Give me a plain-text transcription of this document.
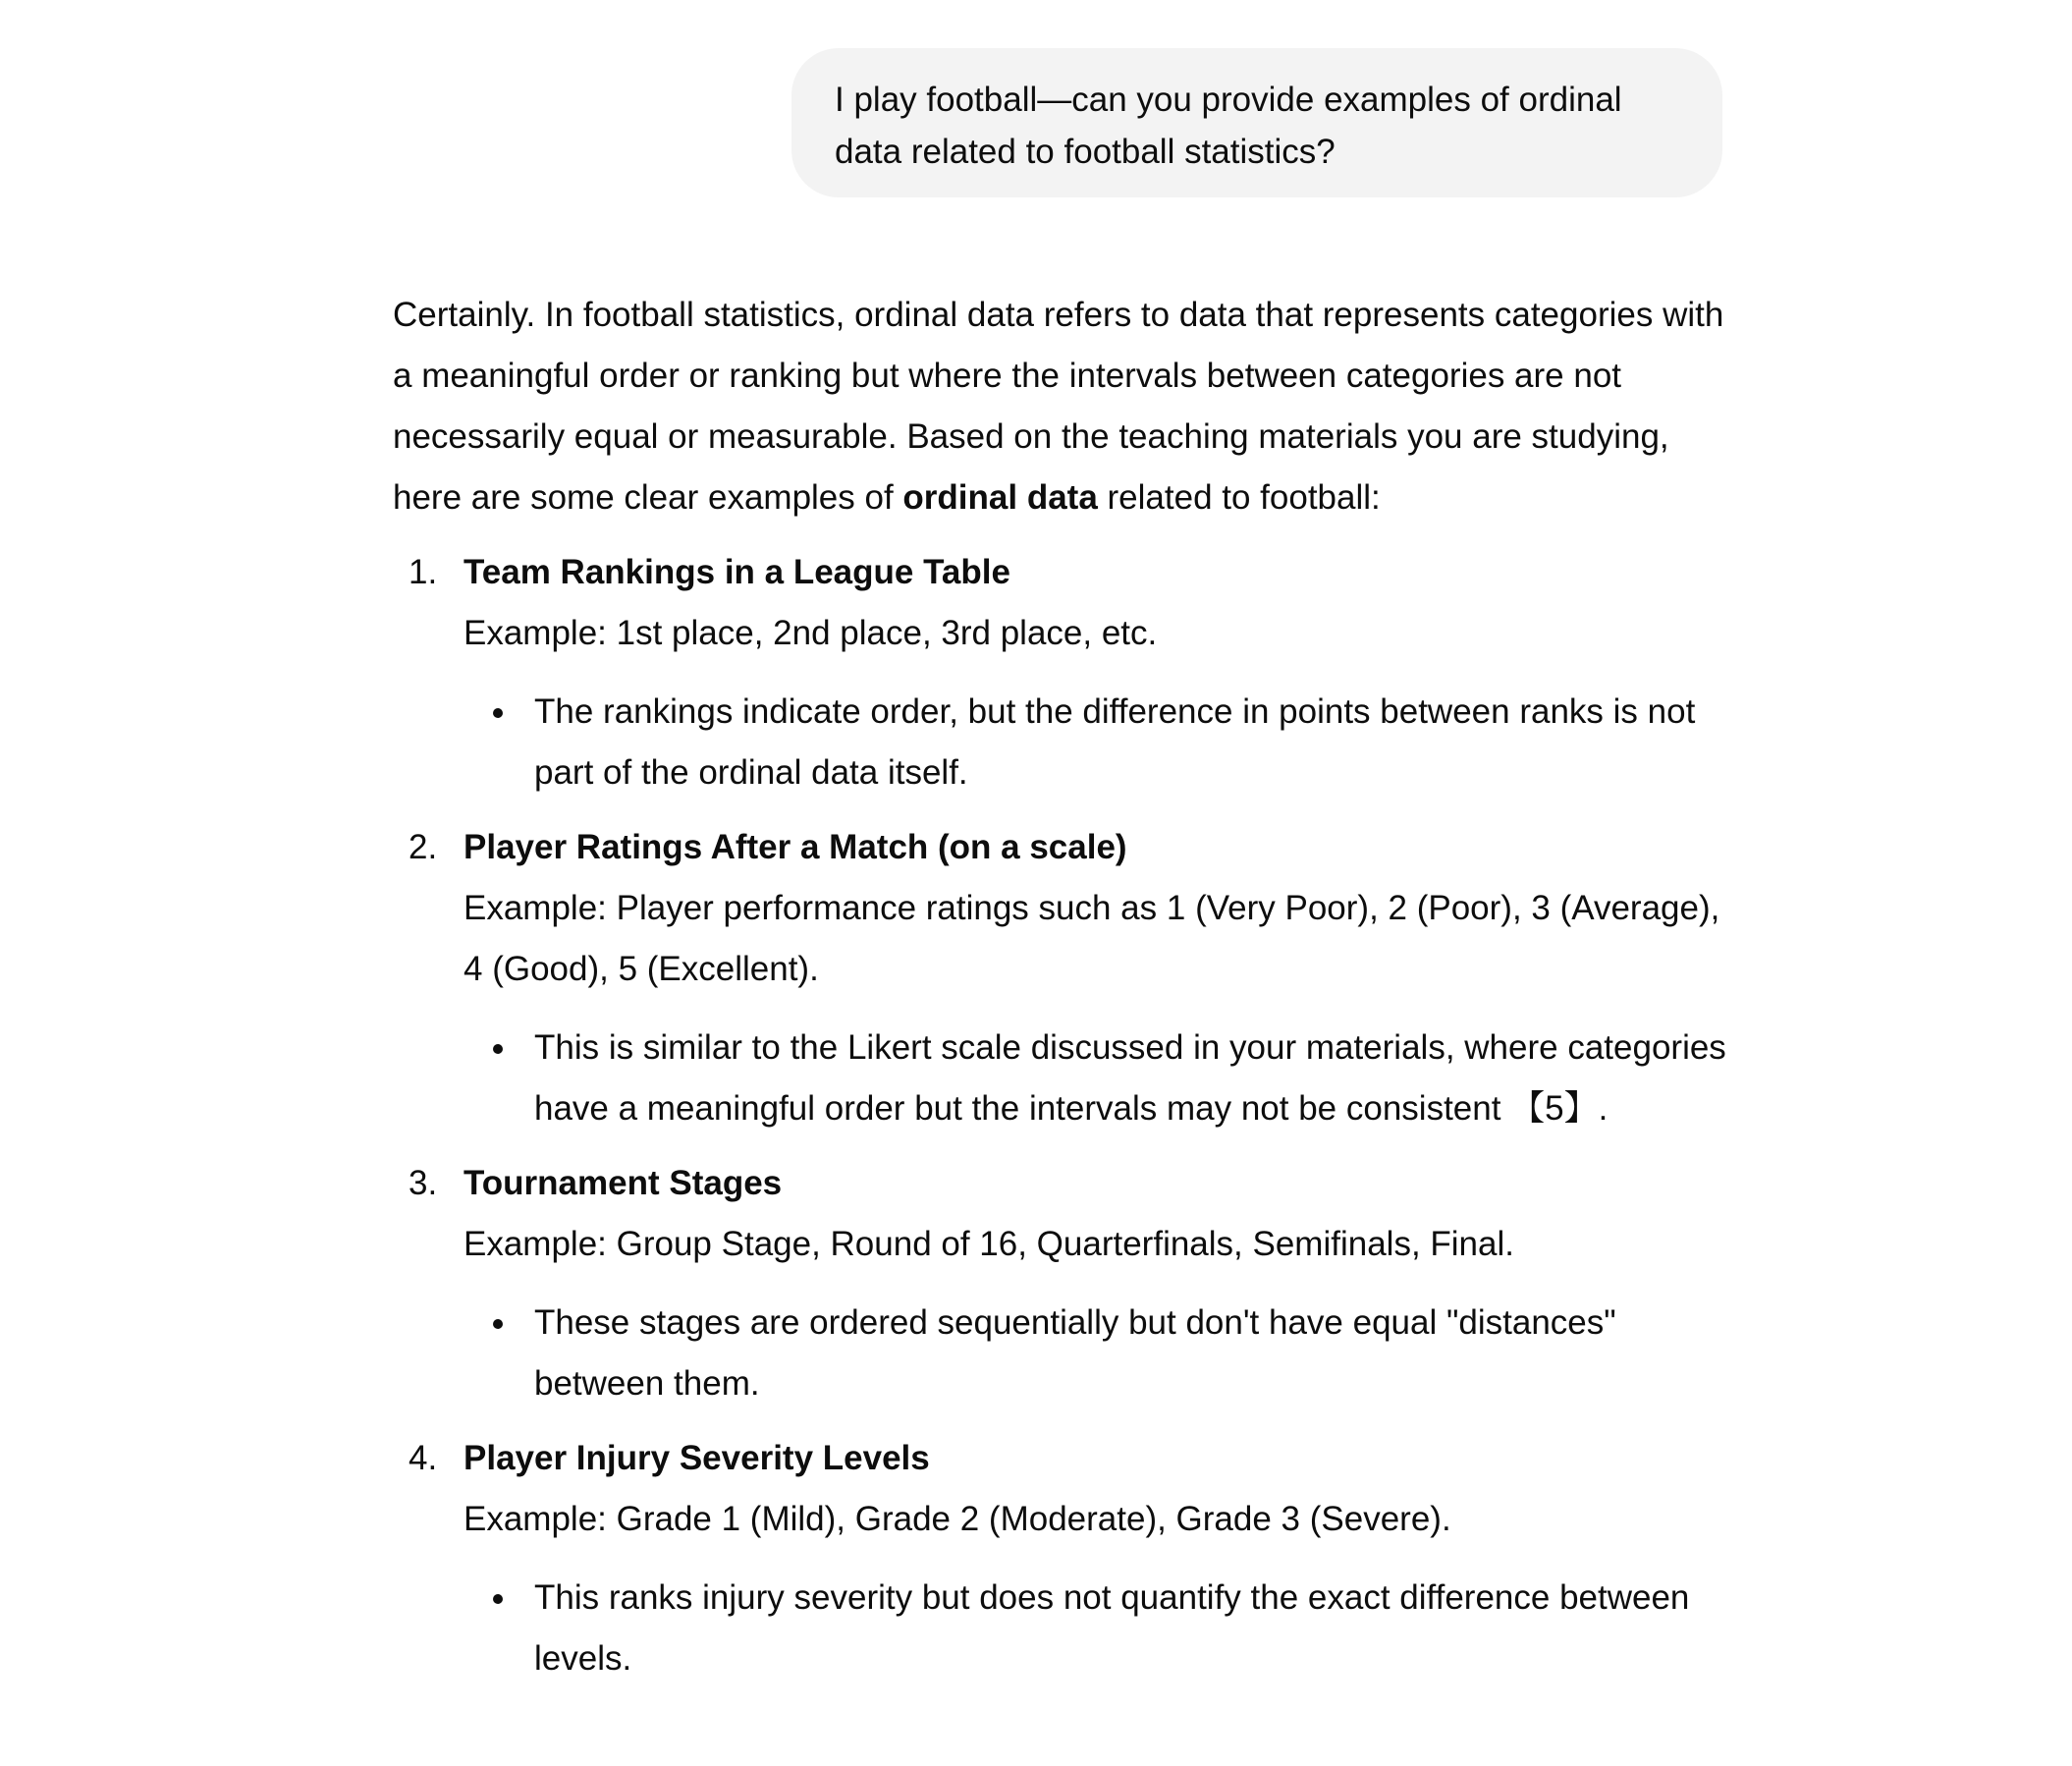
I play football—can you provide examples of ordinal data related to football statistics?

Certainly. In football statistics, ordinal data refers to data that represents categories with a meaningful order or ranking but where the intervals between categories are not necessarily equal or measurable. Based on the teaching materials you are studying, here are some clear examples of ordinal data related to football:

1. Team Rankings in a League Table
Example: 1st place, 2nd place, 3rd place, etc.
The rankings indicate order, but the difference in points between ranks is not part of the ordinal data itself.
2. Player Ratings After a Match (on a scale)
Example: Player performance ratings such as 1 (Very Poor), 2 (Poor), 3 (Average), 4 (Good), 5 (Excellent).
This is similar to the Likert scale discussed in your materials, where categories have a meaningful order but the intervals may not be consistent 【5】.
3. Tournament Stages
Example: Group Stage, Round of 16, Quarterfinals, Semifinals, Final.
These stages are ordered sequentially but don't have equal "distances" between them.
4. Player Injury Severity Levels
Example: Grade 1 (Mild), Grade 2 (Moderate), Grade 3 (Severe).
This ranks injury severity but does not quantify the exact difference between levels.
